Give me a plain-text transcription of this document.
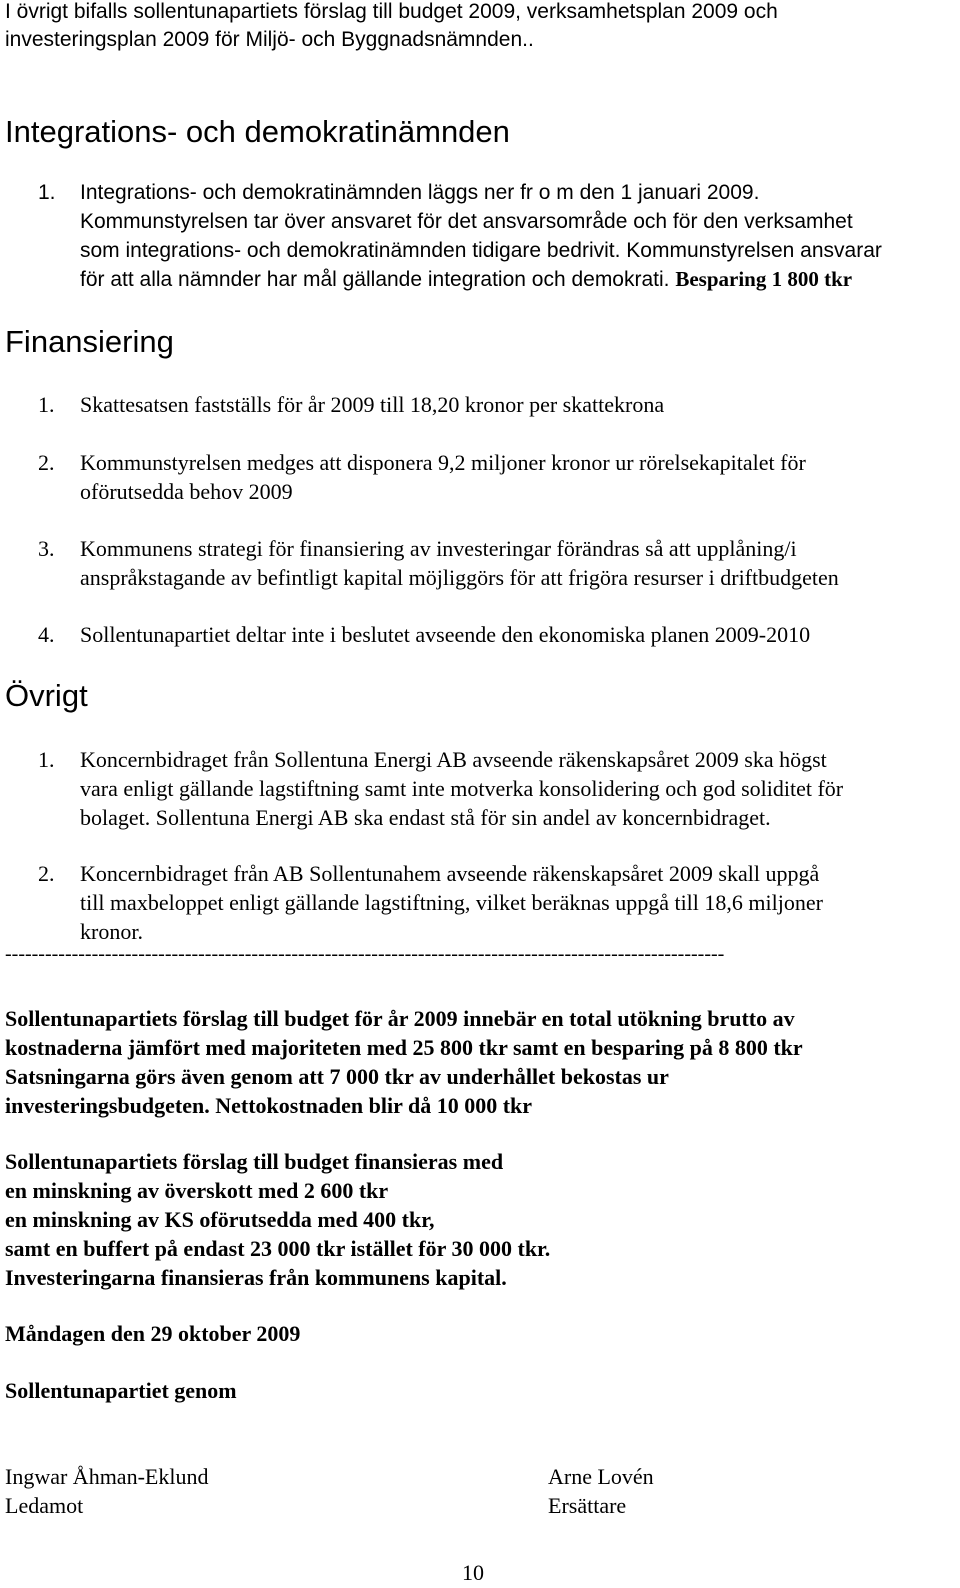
I övrigt bifalls sollentunapartiets förslag till budget 2009, verksamhetsplan 2009 och
investeringsplan 2009 för Miljö- och Byggnadsnämnden..
Integrations- och demokratinämnden
1. Integrations- och demokratinämnden läggs ner fr o m den 1 januari 2009.
Kommunstyrelsen tar över ansvaret för det ansvarsområde och för den verksamhet
som integrations- och demokratinämnden tidigare bedrivit. Kommunstyrelsen ansvarar
för att alla nämnder har mål gällande integration och demokrati. Besparing 1 800 tkr
Finansiering
1. Skattesatsen fastställs för år 2009 till 18,20 kronor per skattekrona
2. Kommunstyrelsen medges att disponera 9,2 miljoner kronor ur rörelsekapitalet för
oförutsedda behov 2009
3. Kommunens strategi för finansiering av investeringar förändras så att upplåning/i
anspråkstagande av befintligt kapital möjliggörs för att frigöra resurser i driftbudgeten
4. Sollentunapartiet deltar inte i beslutet avseende den ekonomiska planen 2009-2010
Övrigt
1. Koncernbidraget från Sollentuna Energi AB avseende räkenskapsåret 2009 ska högst
vara enligt gällande lagstiftning samt inte motverka konsolidering och god soliditet för
bolaget. Sollentuna Energi AB ska endast stå för sin andel av koncernbidraget.
2. Koncernbidraget från AB Sollentunahem avseende räkenskapsåret 2009 skall uppgå
till maxbeloppet enligt gällande lagstiftning, vilket beräknas uppgå till 18,6 miljoner
kronor.
------------------------------------------------------------------------------------------------------------
Sollentunapartiets förslag till budget för år 2009 innebär en total utökning brutto av
kostnaderna jämfört med majoriteten med 25 800 tkr samt en besparing på 8 800 tkr
Satsningarna görs även genom att 7 000 tkr av underhållet bekostas ur
investeringsbudgeten. Nettokostnaden blir då 10 000 tkr
Sollentunapartiets förslag till budget finansieras med
en minskning av överskott med 2 600 tkr
en minskning av KS oförutsedda med 400 tkr,
samt en buffert på endast 23 000 tkr istället för 30 000 tkr.
Investeringarna finansieras från kommunens kapital.
Måndagen den 29 oktober 2009
Sollentunapartiet genom
Ingwar Åhman-Eklund
Ledamot
Arne Lovén
Ersättare
10
